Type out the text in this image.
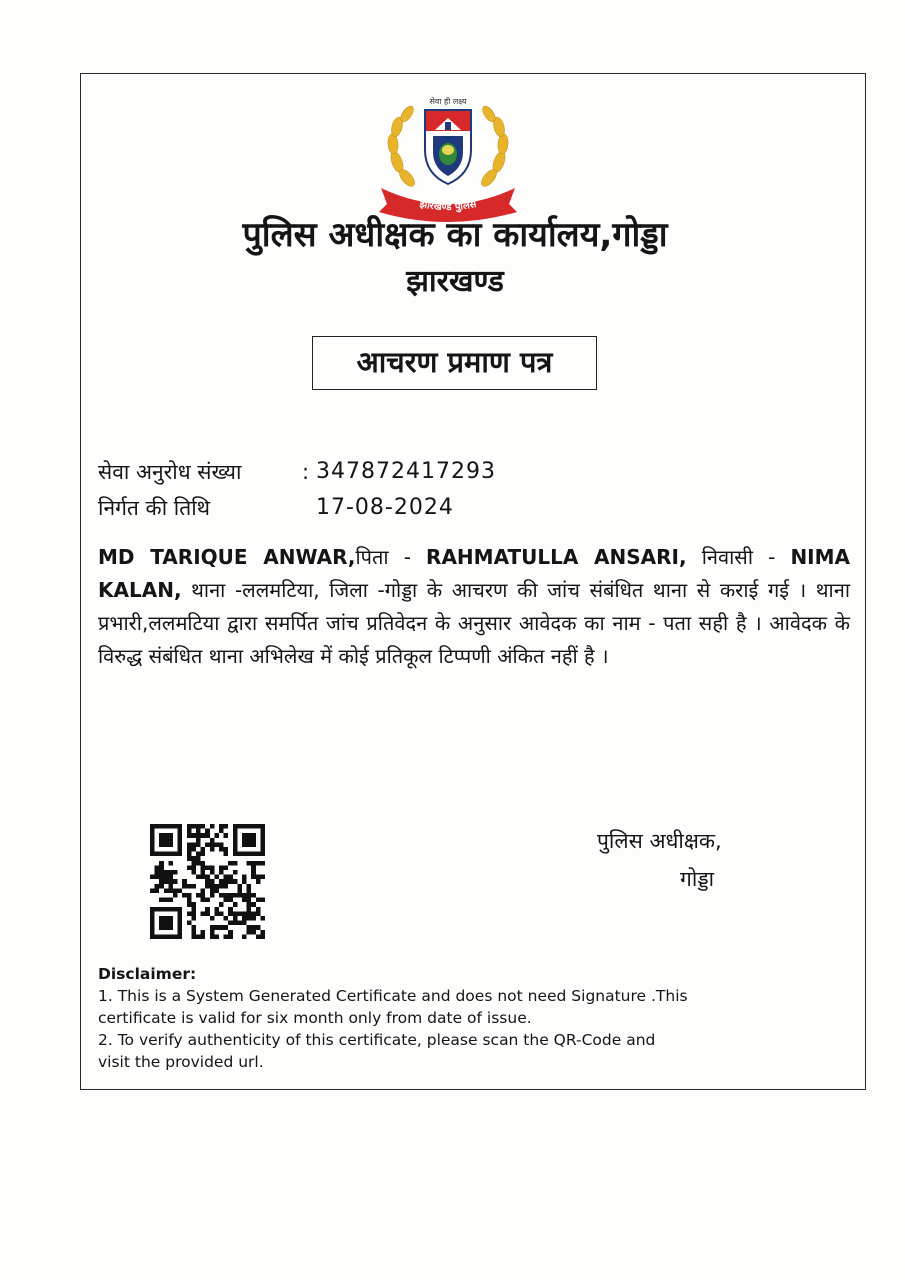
सेवा ही लक्ष्य
झारखण्ड पुलिस
पुलिस अधीक्षक का कार्यालय,गोड्डा
झारखण्ड
आचरण प्रमाण पत्र
सेवा अनुरोध संख्या	: 347872417293
निर्गत की तिथि	17-08-2024
MD TARIQUE ANWAR,पिता - RAHMATULLA ANSARI, निवासी - NIMA KALAN, थाना -ललमटिया, जिला -गोड्डा के आचरण की जांच संबंधित थाना से कराई गई । थाना प्रभारी,ललमटिया द्वारा समर्पित जांच प्रतिवेदन के अनुसार आवेदक का नाम - पता सही है । आवेदक के विरुद्ध संबंधित थाना अभिलेख में कोई प्रतिकूल टिप्पणी अंकित नहीं है ।
पुलिस अधीक्षक,
गोड्डा
Disclaimer:
1. This is a System Generated Certificate and does not need Signature .This
certificate is valid for six month only from date of issue.
2. To verify authenticity of this certificate, please scan the QR-Code and
visit the provided url.
